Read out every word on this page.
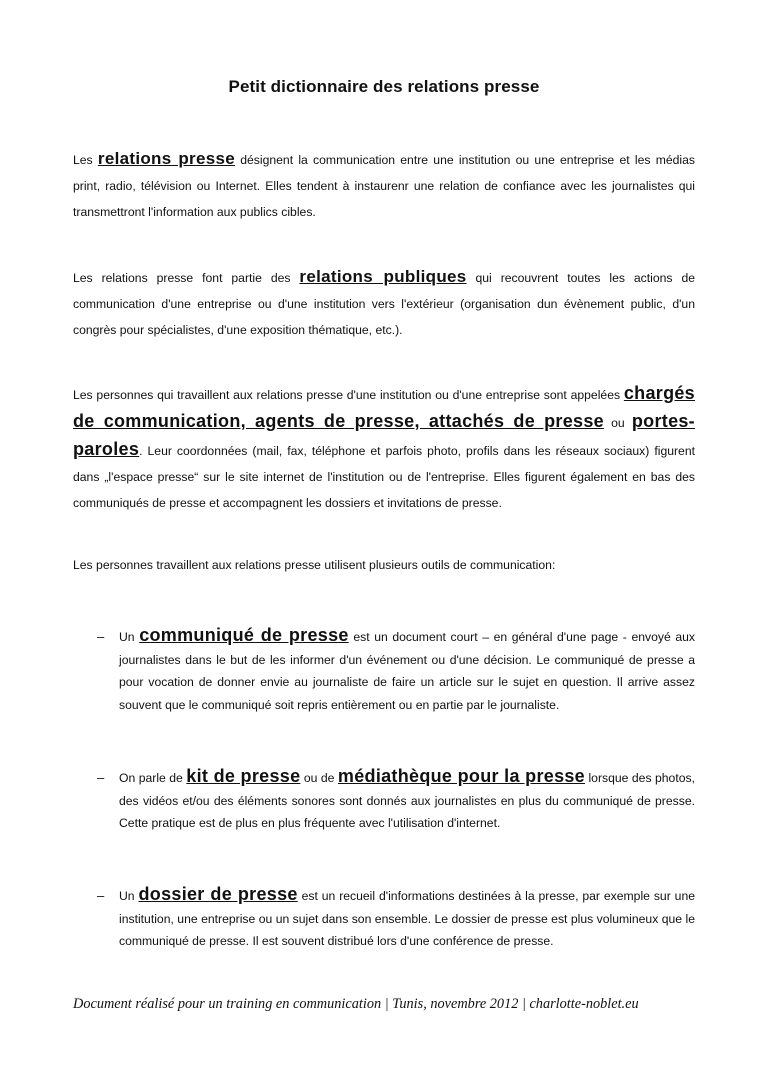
Petit dictionnaire des relations presse

Les relations presse désignent la communication entre une institution ou une entreprise et les médias print, radio, télévision ou Internet. Elles tendent à instaurenr une relation de confiance avec les journalistes qui transmettront l'information aux publics cibles.

Les relations presse font partie des relations publiques qui recouvrent toutes les actions de communication d'une entreprise ou d'une institution vers l'extérieur (organisation dun évènement public, d'un congrès pour spécialistes, d'une exposition thématique, etc.).

Les personnes qui travaillent aux relations presse d'une institution ou d'une entreprise sont appelées chargés de communication, agents de presse, attachés de presse ou portes-paroles. Leur coordonnées (mail, fax, téléphone et parfois photo, profils dans les réseaux sociaux) figurent dans „l'espace presse“ sur le site internet de l'institution ou de l'entreprise. Elles figurent également en bas des communiqués de presse et accompagnent les dossiers et invitations de presse.

Les personnes travaillent aux relations presse utilisent plusieurs outils de communication:

– Un communiqué de presse est un document court – en général d'une page - envoyé aux journalistes dans le but de les informer d'un événement ou d'une décision. Le communiqué de presse a pour vocation de donner envie au journaliste de faire un article sur le sujet en question. Il arrive assez souvent que le communiqué soit repris entièrement ou en partie par le journaliste.

– On parle de kit de presse ou de médiathèque pour la presse lorsque des photos, des vidéos et/ou des éléments sonores sont donnés aux journalistes en plus du communiqué de presse. Cette pratique est de plus en plus fréquente avec l'utilisation d'internet.

– Un dossier de presse est un recueil d'informations destinées à la presse, par exemple sur une institution, une entreprise ou un sujet dans son ensemble. Le dossier de presse est plus volumineux que le communiqué de presse. Il est souvent distribué lors d'une conférence de presse.

Document réalisé pour un training en communication | Tunis, novembre 2012 | charlotte-noblet.eu
